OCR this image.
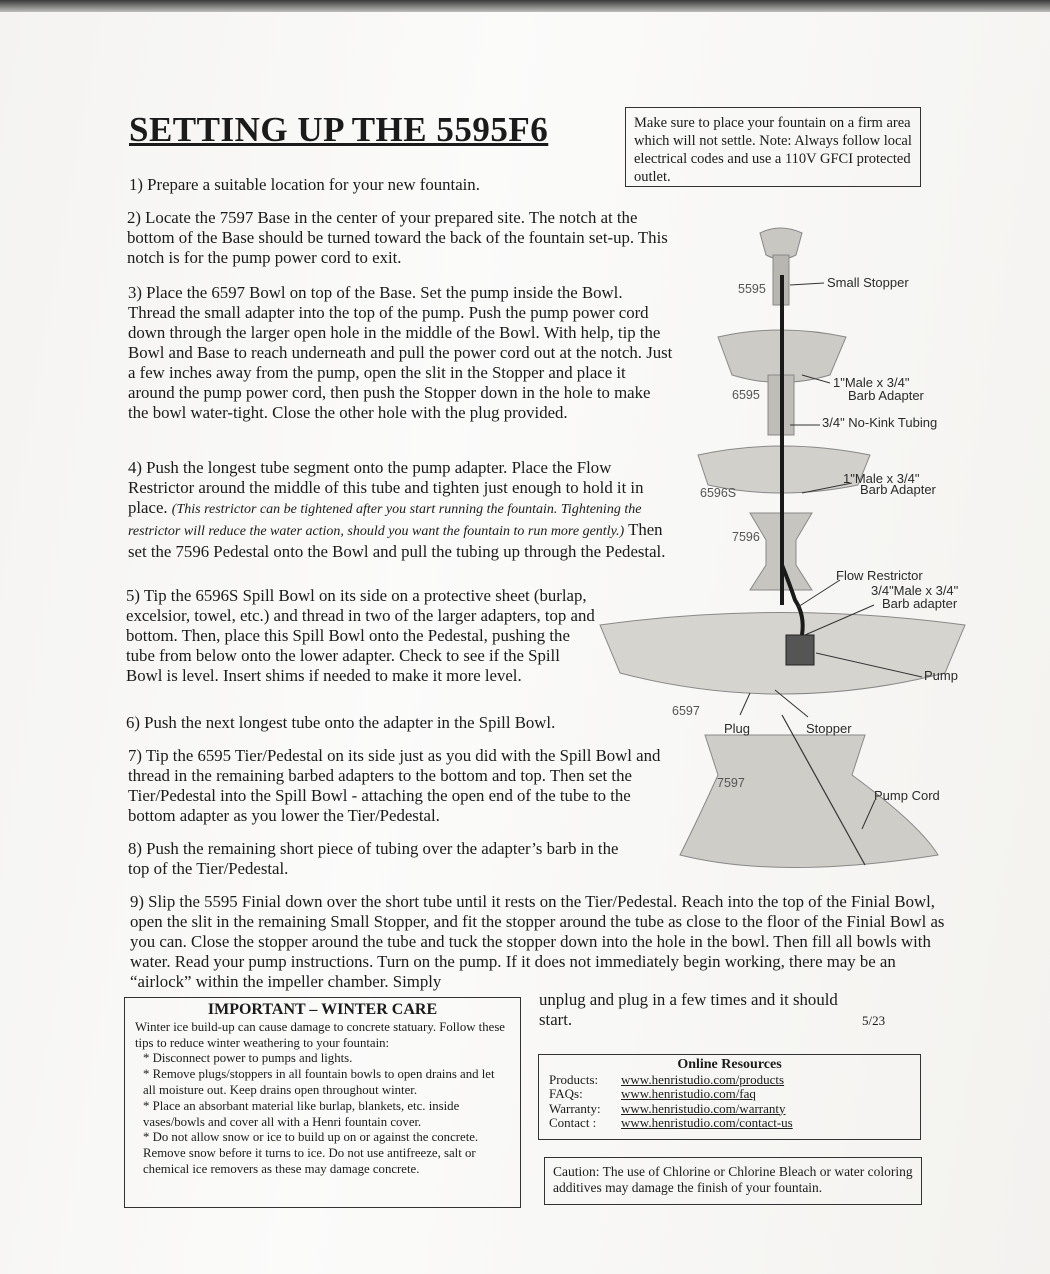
SETTING UP THE 5595F6	Make sure to place your fountain on a firm area which will not settle. Note: Always follow local electrical codes and use a 110V GFCI protected outlet.

1) Prepare a suitable location for your new fountain.

2) Locate the 7597 Base in the center of your prepared site. The notch at the bottom of the Base should be turned toward the back of the fountain set-up. This notch is for the pump power cord to exit.

3) Place the 6597 Bowl on top of the Base. Set the pump inside the Bowl. Thread the small adapter into the top of the pump. Push the pump power cord down through the larger open hole in the middle of the Bowl. With help, tip the Bowl and Base to reach underneath and pull the power cord out at the notch. Just a few inches away from the pump, open the slit in the Stopper and place it around the pump power cord, then push the Stopper down in the hole to make the bowl water-tight. Close the other hole with the plug provided.

4) Push the longest tube segment onto the pump adapter. Place the Flow Restrictor around the middle of this tube and tighten just enough to hold it in place. (This restrictor can be tightened after you start running the fountain. Tightening the restrictor will reduce the water action, should you want the fountain to run more gently.) Then set the 7596 Pedestal onto the Bowl and pull the tubing up through the Pedestal.

5) Tip the 6596S Spill Bowl on its side on a protective sheet (burlap, excelsior, towel, etc.) and thread in two of the larger adapters, top and bottom. Then, place this Spill Bowl onto the Pedestal, pushing the tube from below onto the lower adapter. Check to see if the Spill Bowl is level. Insert shims if needed to make it more level.

6) Push the next longest tube onto the adapter in the Spill Bowl.

7) Tip the 6595 Tier/Pedestal on its side just as you did with the Spill Bowl and thread in the remaining barbed adapters to the bottom and top. Then set the Tier/Pedestal into the Spill Bowl - attaching the open end of the tube to the bottom adapter as you lower the Tier/Pedestal.

8) Push the remaining short piece of tubing over the adapter’s barb in the top of the Tier/Pedestal.

9) Slip the 5595 Finial down over the short tube until it rests on the Tier/Pedestal. Reach into the top of the Finial Bowl, open the slit in the remaining Small Stopper, and fit the stopper around the tube as close to the floor of the Finial Bowl as you can. Close the stopper around the tube and tuck the stopper down into the hole in the bowl. Then fill all bowls with water. Read your pump instructions. Turn on the pump. If it does not immediately begin working, there may be an “airlock” within the impeller chamber. Simply

unplug and plug in a few times and it should start.	5/23
5595
6595
6596S
7596
6597
7597
Small Stopper
1"Male x 3/4"
Barb Adapter
3/4" No-Kink Tubing
1"Male x 3/4"
Barb Adapter
Flow Restrictor
3/4"Male x 3/4"
Barb adapter
Pump
Plug	Stopper
Pump Cord
IMPORTANT – WINTER CARE

Winter ice build-up can cause damage to concrete statuary. Follow these tips to reduce winter weathering to your fountain:

* Disconnect power to pumps and lights.
* Remove plugs/stoppers in all fountain bowls to open drains and let all moisture out. Keep drains open throughout winter.
* Place an absorbant material like burlap, blankets, etc. inside vases/bowls and cover all with a Henri fountain cover.
* Do not allow snow or ice to build up on or against the concrete. Remove snow before it turns to ice. Do not use antifreeze, salt or chemical ice removers as these may damage concrete.
Online Resources
Products:	www.henristudio.com/products
FAQs:	www.henristudio.com/faq
Warranty:	www.henristudio.com/warranty
Contact :	www.henristudio.com/contact-us
Caution: The use of Chlorine or Chlorine Bleach or water coloring additives may damage the finish of your fountain.
